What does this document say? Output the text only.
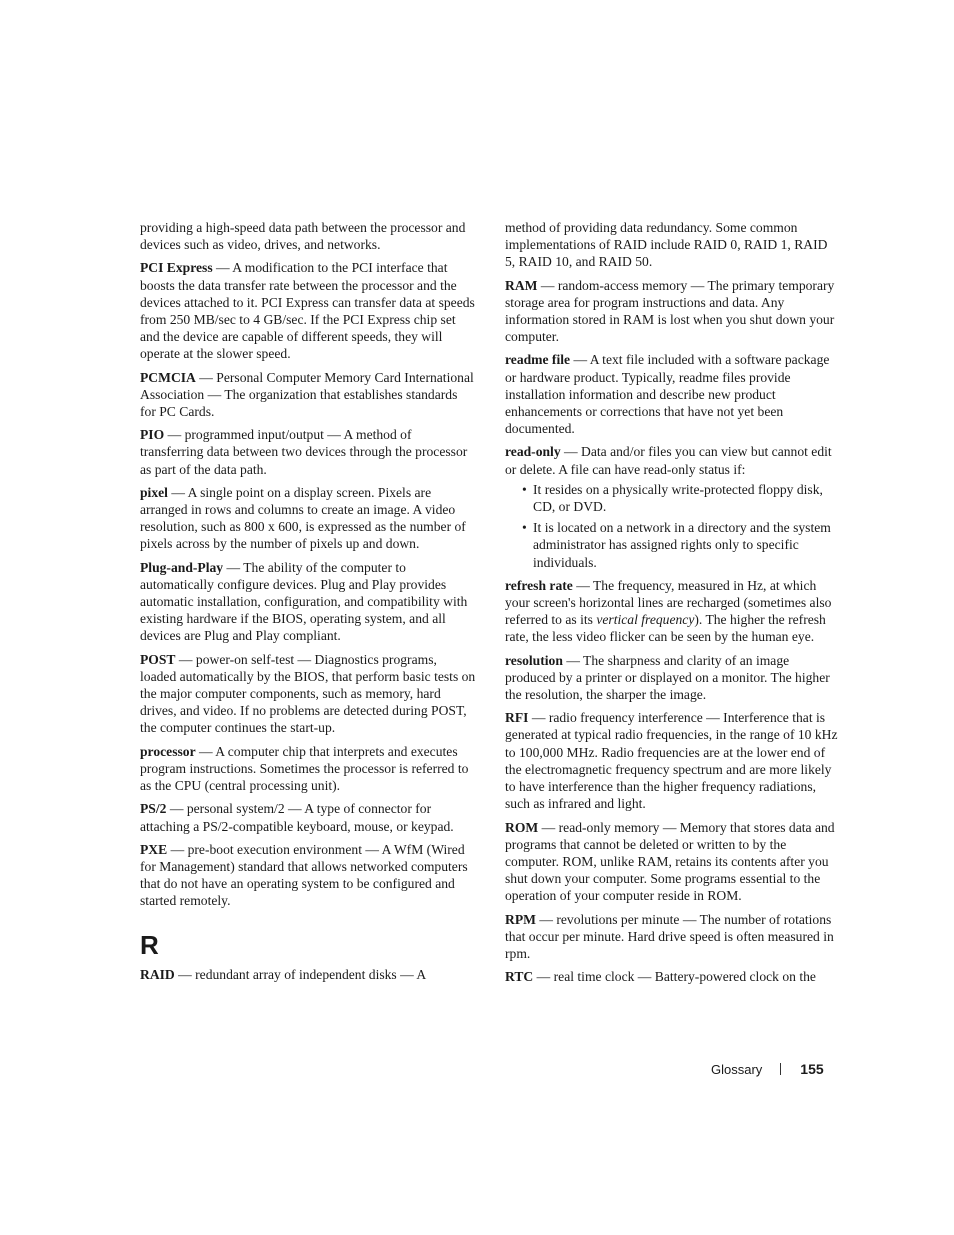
providing a high-speed data path between the processor and devices such as video, drives, and networks.

PCI Express — A modification to the PCI interface that boosts the data transfer rate between the processor and the devices attached to it. PCI Express can transfer data at speeds from 250 MB/sec to 4 GB/sec. If the PCI Express chip set and the device are capable of different speeds, they will operate at the slower speed.

PCMCIA — Personal Computer Memory Card International Association — The organization that establishes standards for PC Cards.

PIO — programmed input/output — A method of transferring data between two devices through the processor as part of the data path.

pixel — A single point on a display screen. Pixels are arranged in rows and columns to create an image. A video resolution, such as 800 x 600, is expressed as the number of pixels across by the number of pixels up and down.

Plug-and-Play — The ability of the computer to automatically configure devices. Plug and Play provides automatic installation, configuration, and compatibility with existing hardware if the BIOS, operating system, and all devices are Plug and Play compliant.

POST — power-on self-test — Diagnostics programs, loaded automatically by the BIOS, that perform basic tests on the major computer components, such as memory, hard drives, and video. If no problems are detected during POST, the computer continues the start-up.

processor — A computer chip that interprets and executes program instructions. Sometimes the processor is referred to as the CPU (central processing unit).

PS/2 — personal system/2 — A type of connector for attaching a PS/2-compatible keyboard, mouse, or keypad.

PXE — pre-boot execution environment — A WfM (Wired for Management) standard that allows networked computers that do not have an operating system to be configured and started remotely.

R

RAID — redundant array of independent disks — A

method of providing data redundancy. Some common implementations of RAID include RAID 0, RAID 1, RAID 5, RAID 10, and RAID 50.

RAM — random-access memory — The primary temporary storage area for program instructions and data. Any information stored in RAM is lost when you shut down your computer.

readme file — A text file included with a software package or hardware product. Typically, readme files provide installation information and describe new product enhancements or corrections that have not yet been documented.

read-only — Data and/or files you can view but cannot edit or delete. A file can have read-only status if:

• It resides on a physically write-protected floppy disk, CD, or DVD.
• It is located on a network in a directory and the system administrator has assigned rights only to specific individuals.

refresh rate — The frequency, measured in Hz, at which your screen's horizontal lines are recharged (sometimes also referred to as its vertical frequency). The higher the refresh rate, the less video flicker can be seen by the human eye.

resolution — The sharpness and clarity of an image produced by a printer or displayed on a monitor. The higher the resolution, the sharper the image.

RFI — radio frequency interference — Interference that is generated at typical radio frequencies, in the range of 10 kHz to 100,000 MHz. Radio frequencies are at the lower end of the electromagnetic frequency spectrum and are more likely to have interference than the higher frequency radiations, such as infrared and light.

ROM — read-only memory — Memory that stores data and programs that cannot be deleted or written to by the computer. ROM, unlike RAM, retains its contents after you shut down your computer. Some programs essential to the operation of your computer reside in ROM.

RPM — revolutions per minute — The number of rotations that occur per minute. Hard drive speed is often measured in rpm.

RTC — real time clock — Battery-powered clock on the

Glossary	155
